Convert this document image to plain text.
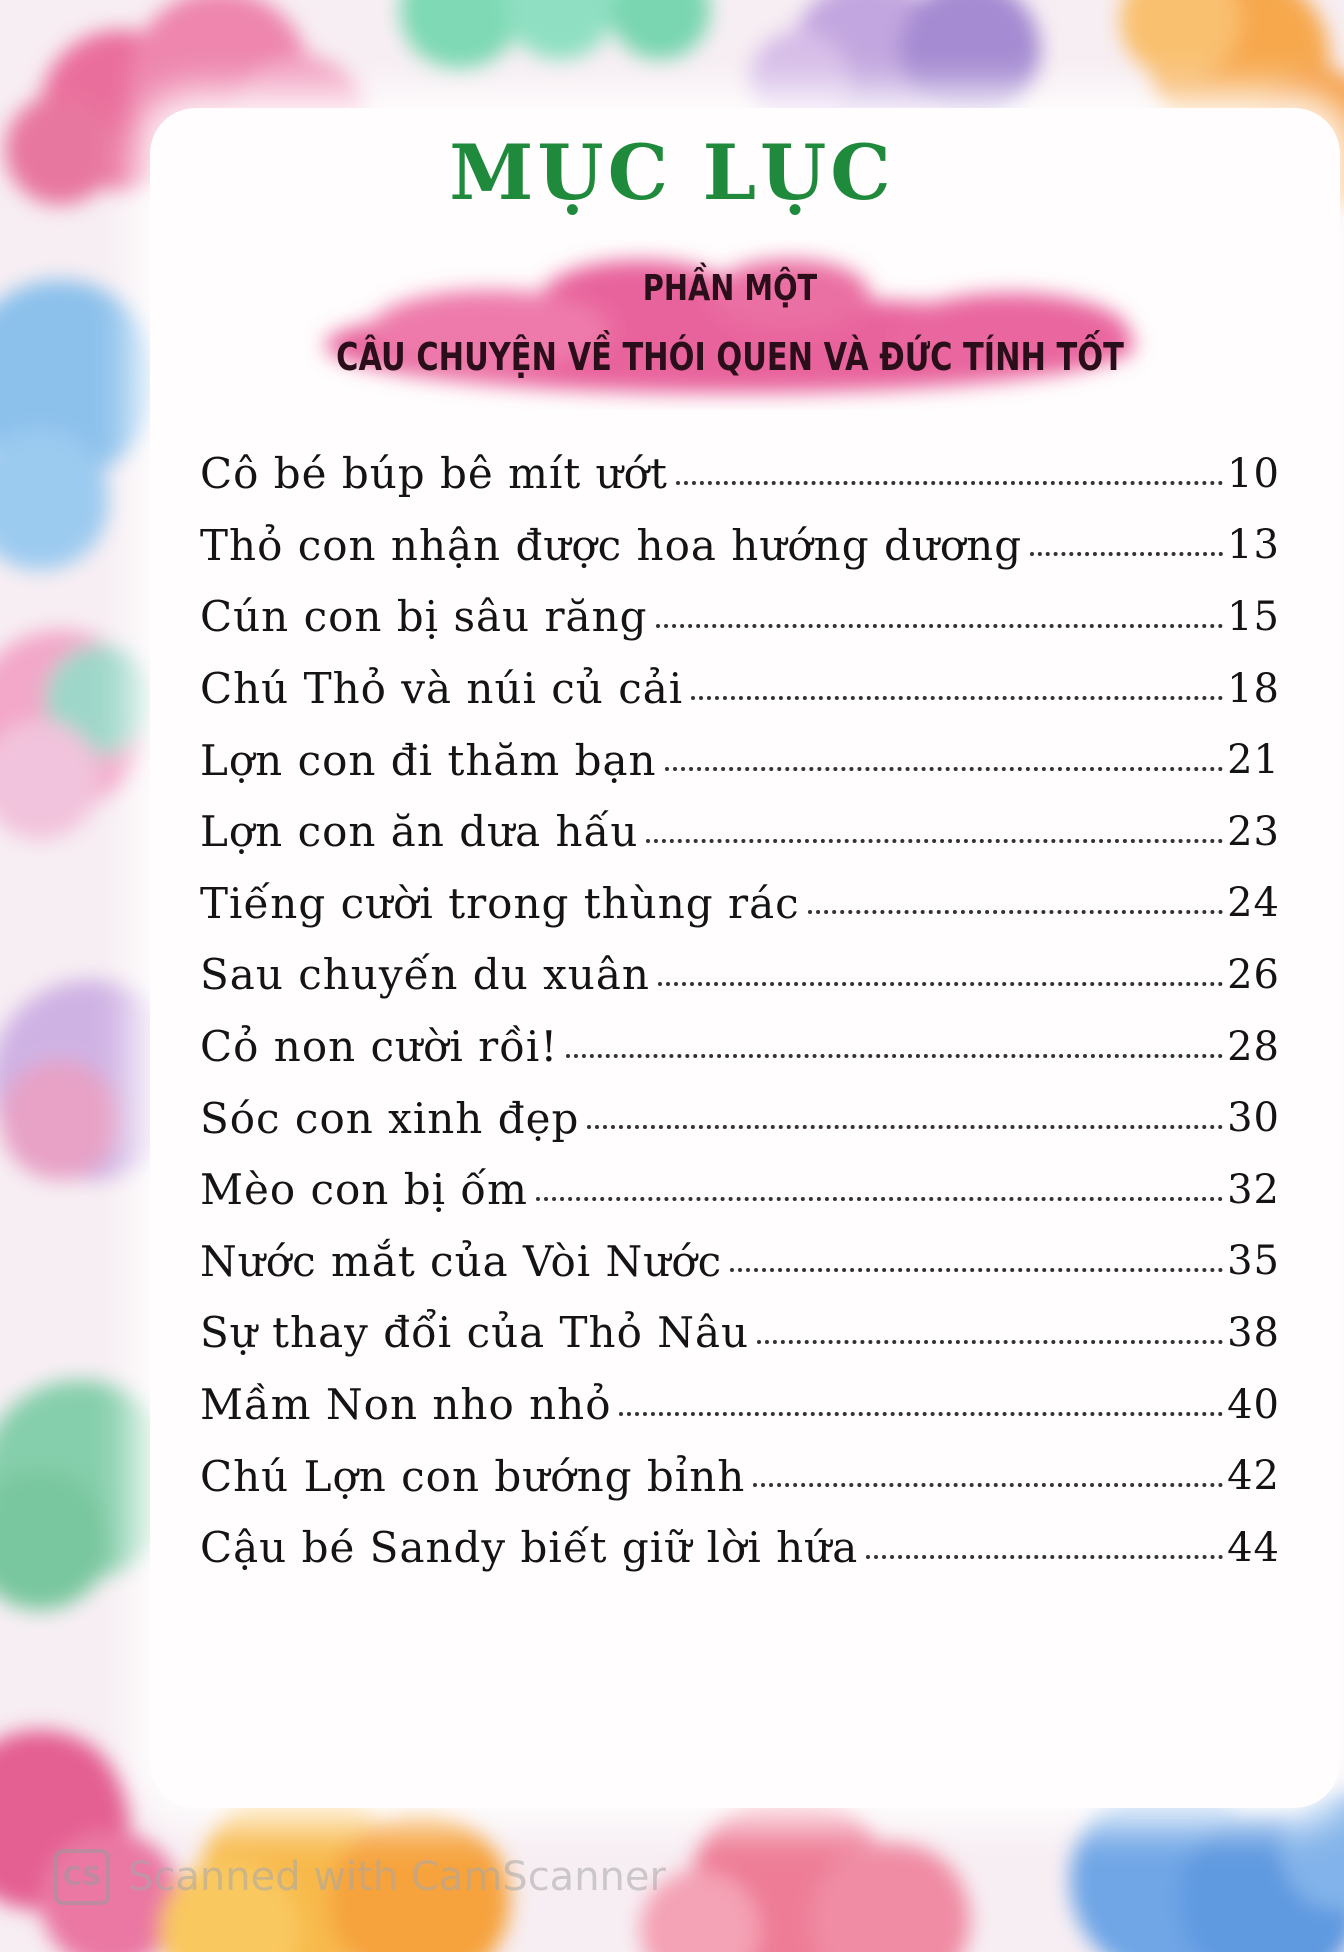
MỤC LỤC

PHẦN MỘT

CÂU CHUYỆN VỀ THÓI QUEN VÀ ĐỨC TÍNH TỐT

Cô bé búp bê mít ướt	10
Thỏ con nhận được hoa hướng dương	13
Cún con bị sâu răng	15
Chú Thỏ và núi củ cải	18
Lợn con đi thăm bạn	21
Lợn con ăn dưa hấu	23
Tiếng cười trong thùng rác	24
Sau chuyến du xuân	26
Cỏ non cười rồi!	28
Sóc con xinh đẹp	30
Mèo con bị ốm	32
Nước mắt của Vòi Nước	35
Sự thay đổi của Thỏ Nâu	38
Mầm Non nho nhỏ	40
Chú Lợn con bướng bỉnh	42
Cậu bé Sandy biết giữ lời hứa	44
CS Scanned with CamScanner
